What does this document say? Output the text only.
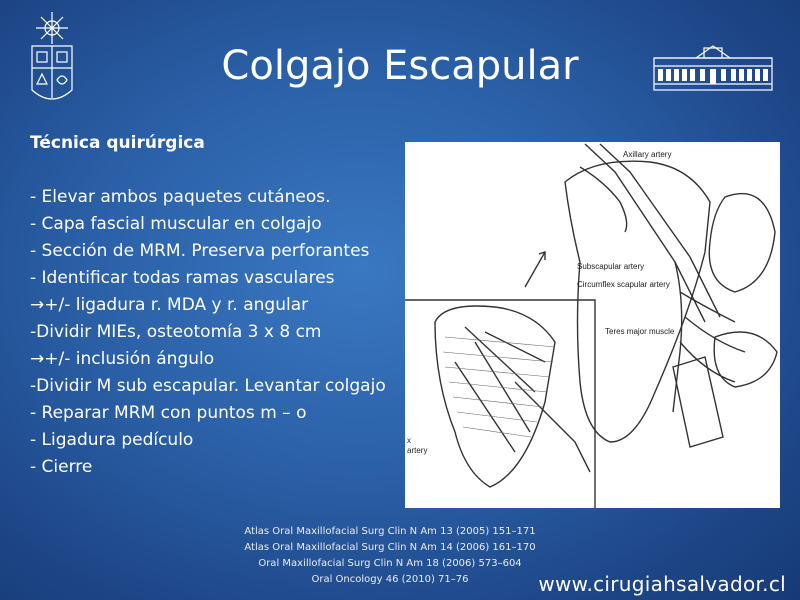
Colgajo Escapular
Técnica quirúrgica
- Elevar ambos paquetes cutáneos.
- Capa fascial muscular en colgajo
- Sección de MRM. Preserva perforantes
- Identificar todas ramas vasculares
→+/- ligadura r. MDA y r. angular
-Dividir MIEs, osteotomía 3 x 8 cm
→+/- inclusión ángulo
-Dividir M sub escapular. Levantar colgajo
- Reparar MRM con puntos m – o
- Ligadura pedículo
- Cierre
Axillary artery
Subscapular artery
Circumflex scapular artery
Teres major muscle
x
artery
Atlas Oral Maxillofacial Surg Clin N Am 13 (2005) 151–171
Atlas Oral Maxillofacial Surg Clin N Am 14 (2006) 161–170
Oral Maxillofacial Surg Clin N Am 18 (2006) 573–604
Oral Oncology 46 (2010) 71–76	www.cirugiahsalvador.cl
